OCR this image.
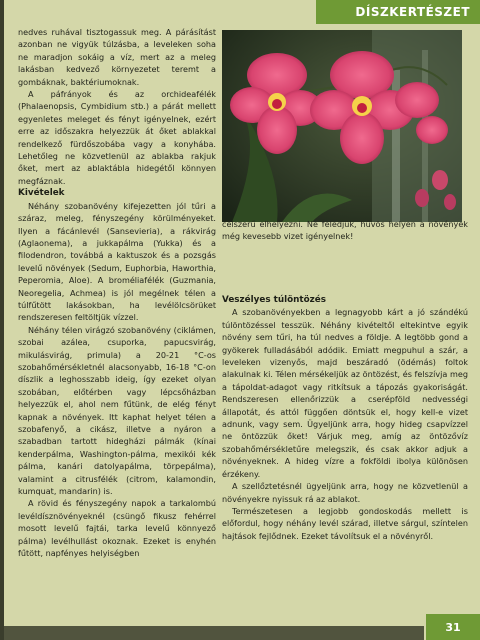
DÍSZKERTÉSZET

nedves ruhával tisztogassuk meg. A párásítást azonban ne vigyük túlzásba, a leveleken soha ne maradjon sokáig a víz, mert az a meleg lakásban kedvező környezetet teremt a gombáknak, baktériumoknak.

A páfrányok és az orchideafélék (Phalaenopsis, Cymbidium stb.) a párát mellett egyenletes meleget és fényt igényelnek, ezért erre az időszakra helyezzük át őket ablakkal rendelkező fürdőszobába vagy a konyhába. Lehetőleg ne közvetlenül az ablakba rakjuk őket, mert az ablaktábla hidegétől könnyen megfáznak.

Kivételek

Néhány szobanövény kifejezetten jól tűri a száraz, meleg, fényszegény körülményeket. Ilyen a fácánlevél (Sansevieria), a rákvirág (Aglaonema), a jukkapálma (Yukka) és a filodendron, továbbá a kaktuszok és a pozsgás levelű növények (Sedum, Euphorbia, Haworthia, Peperomia, Aloe). A broméliafélék (Guzmania, Neoregelia, Achmea) is jól megélnek télen a túlfűtött lakásokban, ha levélölcsörüket rendszeresen feltöltjük vízzel.

Néhány télen virágzó szobanövény (ciklámen, szobai azálea, csuporka, papucsvirág, mikulásvirág, primula) a 20-21 °C-os szobahőmérsékletnél alacsonyabb, 16-18 °C-on díszlik a leghosszabb ideig, így ezeket olyan szobában, előtérben vagy lépcsőházban helyezzük el, ahol nem fűtünk, de elég fényt kapnak a növények. Itt kaphat helyet télen a szobafenyő, a cikász, illetve a nyáron a szabadban tartott hidegházi pálmák (kínai kenderpálma, Washington-pálma, mexikói kék pálma, kanári datolyapálma, törpepálma), valamint a citrusfélék (citrom, kalamondin, kumquat, mandarin) is.

A rövid és fényszegény napok a tarkalombú levéldísznövényeknél (csüngő fikusz fehérrel mosott levelű fajtái, tarka levelű könnyező pálma) levélhullást okoznak. Ezeket is enyhén fűtött, napfényes helyiségben

célszerű elhelyezni. Ne feledjük, hűvös helyen a növények még kevesebb vizet igényelnek!

Veszélyes túlöntözés

A szobanövényekben a legnagyobb kárt a jó szándékú túlöntözéssel tesszük. Néhány kivételtől eltekintve egyik növény sem tűri, ha túl nedves a földje. A legtöbb gond a gyökerek fulladásából adódik. Emiatt megpuhul a szár, a leveleken vizenyős, majd beszáradó (ödémás) foltok alakulnak ki. Télen mérsékeljük az öntözést, és felszívja meg a tápoldat-adagot vagy ritkítsuk a tápozás gyakoriságát. Rendszeresen ellenőrizzük a cserépföld nedvességi állapotát, és attól függően döntsük el, hogy kell-e vizet adnunk, vagy sem. Ügyeljünk arra, hogy hideg csapvízzel ne öntözzük őket! Várjuk meg, amíg az öntözővíz szobahőmérsékletűre melegszik, és csak akkor adjuk a növényeknek. A hideg vízre a fokföldi ibolya különösen érzékeny.

A szellőztetésnél ügyeljünk arra, hogy ne közvetlenül a növényekre nyissuk rá az ablakot.

Természetesen a legjobb gondoskodás mellett is előfordul, hogy néhány levél szárad, illetve sárgul, színtelen hajtások fejlődnek. Ezeket távolítsuk el a növényről.

31
